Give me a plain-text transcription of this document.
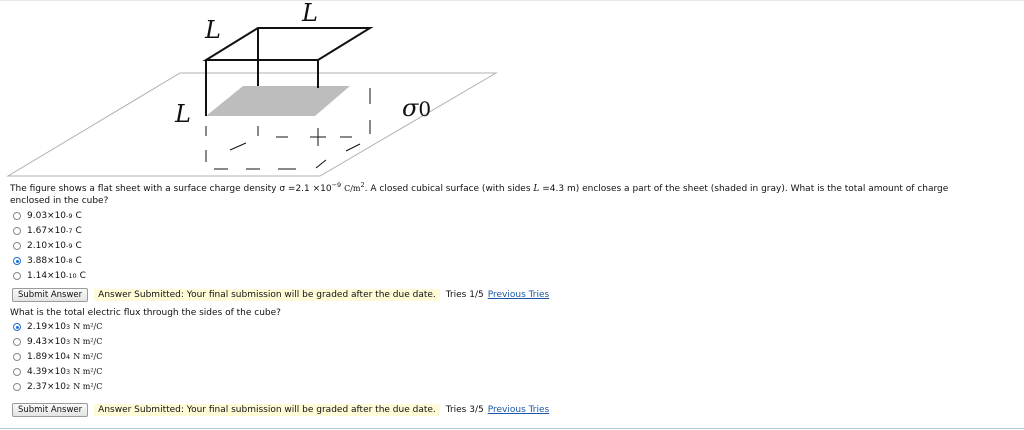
L
L
L	σ0
The figure shows a flat sheet with a surface charge density $\sigma =2.1 \times 10^{-9}$ $C/m^2$. A closed cubical surface (with sides L =4.3 m) encloses a part of the sheet (shaded in gray). What is the total amount of charge
enclosed in the cube?
9.03×10 -9 C
1.67×10 -7 C
2.10×10 -9 C
3.88×10 -8 C
1.14×10 -10 C
Submit Answer	Answer Submitted: Your final submission will be graded after the due date.	Tries 1/5 Previous Tries
What is the total electric flux through the sides of the cube?
2.19×10 3 N m²/C
9.43×10 3 N m²/C
1.89×10 4 N m²/C
4.39×10 3 N m²/C
2.37×10 2 N m²/C
Submit Answer	Answer Submitted: Your final submission will be graded after the due date.	Tries 3/5 Previous Tries
